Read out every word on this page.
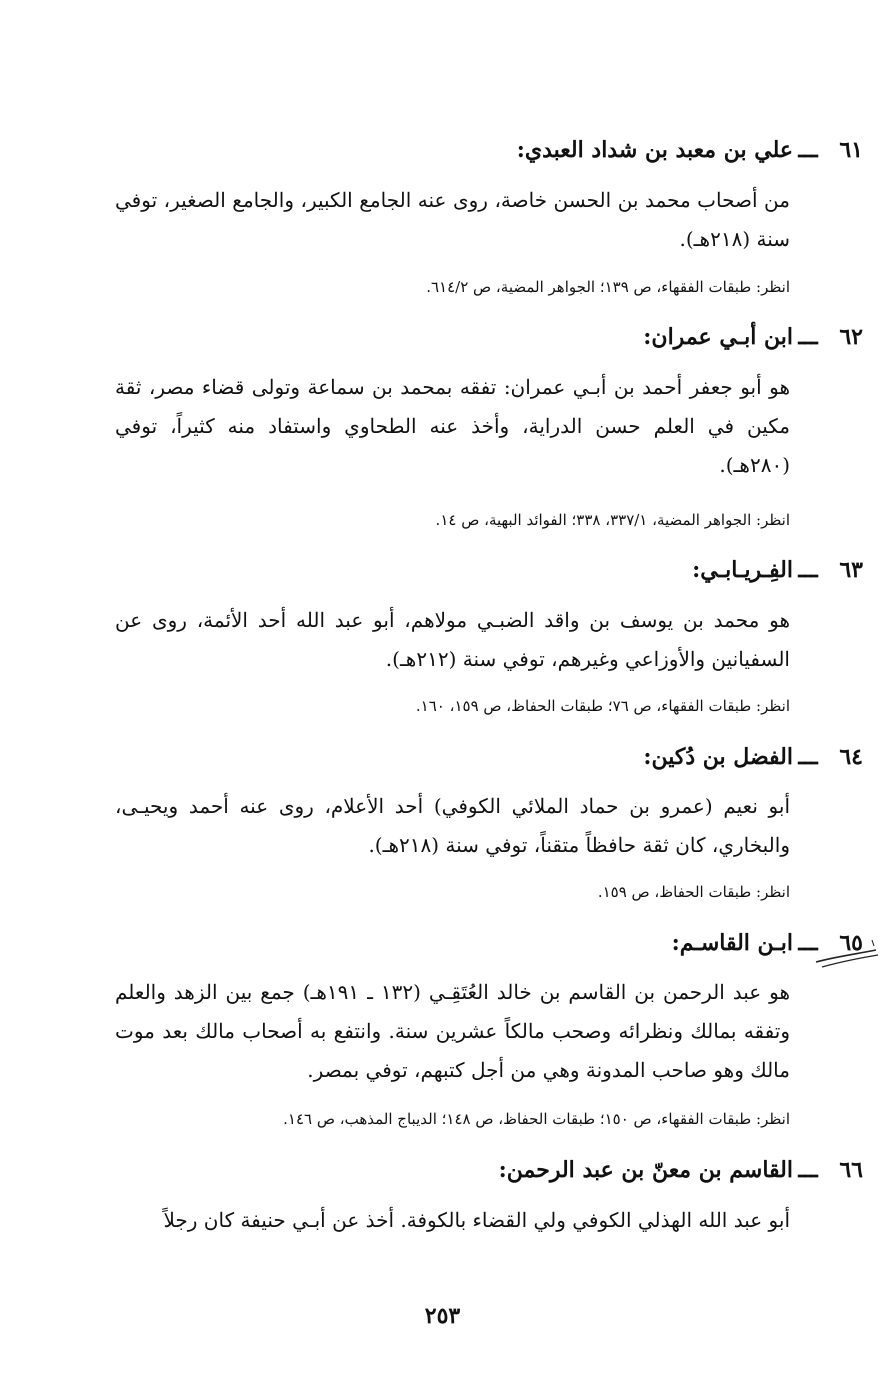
٦١ـــعلي بن معبد بن شداد العبدي:
من أصحاب محمد بن الحسن خاصة، روى عنه الجامع الكبير، والجامع الصغير، توفي سنة (٢١٨هـ).
انظر: طبقات الفقهاء، ص ١٣٩؛ الجواهر المضية، ص ٦١٤/٢.
٦٢ـــابن أبـي عمران:
هو أبو جعفر أحمد بن أبـي عمران: تفقه بمحمد بن سماعة وتولى قضاء مصر، ثقة مكين في العلم حسن الدراية، وأخذ عنه الطحاوي واستفاد منه كثيراً، توفي (٢٨٠هـ).
انظر: الجواهر المضية، ٣٣٧/١، ٣٣٨؛ الفوائد البهية، ص ١٤.
٦٣ـــالفِـريـابـي:
هو محمد بن يوسف بن واقد الضبـي مولاهم، أبو عبد الله أحد الأئمة، روى عن السفيانين والأوزاعي وغيرهم، توفي سنة (٢١٢هـ).
انظر: طبقات الفقهاء، ص ٧٦؛ طبقات الحفاظ، ص ١٥٩، ١٦٠.
٦٤ـــالفضل بن دُكين:
أبو نعيم (عمرو بن حماد الملائي الكوفي) أحد الأعلام، روى عنه أحمد ويحيـى، والبخاري، كان ثقة حافظاً متقناً، توفي سنة (٢١٨هـ).
انظر: طبقات الحفاظ، ص ١٥٩.
٦٥ـــابـن القاسـم:
هو عبد الرحمن بن القاسم بن خالد العُتَقِـي (١٣٢ ـ ١٩١هـ) جمع بين الزهد والعلم وتفقه بمالك ونظرائه وصحب مالكاً عشرين سنة. وانتفع به أصحاب مالك بعد موت مالك وهو صاحب المدونة وهي من أجل كتبهم، توفي بمصر.
انظر: طبقات الفقهاء، ص ١٥٠؛ طبقات الحفاظ، ص ١٤٨؛ الديباج المذهب، ص ١٤٦.
٦٦ـــالقاسم بن معنّ بن عبد الرحمن:
أبو عبد الله الهذلي الكوفي ولي القضاء بالكوفة. أخذ عن أبـي حنيفة كان رجلاً
٢٥٣
